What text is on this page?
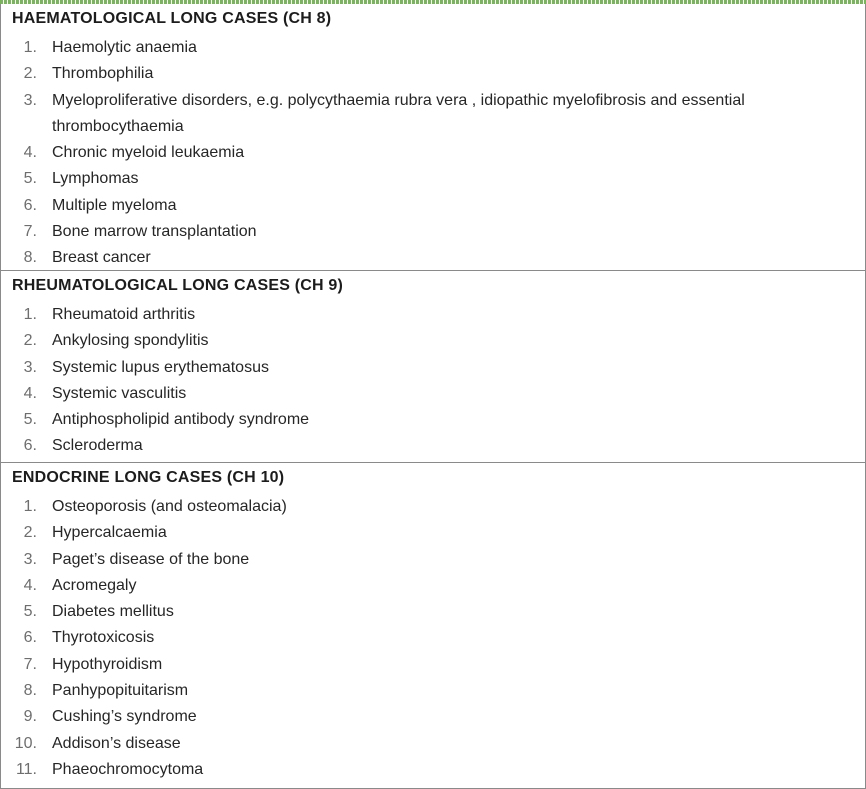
HAEMATOLOGICAL LONG CASES (CH 8)
1. Haemolytic anaemia
2. Thrombophilia
3. Myeloproliferative disorders, e.g. polycythaemia rubra vera , idiopathic myelofibrosis and essential thrombocythaemia
4. Chronic myeloid leukaemia
5. Lymphomas
6. Multiple myeloma
7. Bone marrow transplantation
8. Breast cancer
RHEUMATOLOGICAL LONG CASES (CH 9)
1. Rheumatoid arthritis
2. Ankylosing spondylitis
3. Systemic lupus erythematosus
4. Systemic vasculitis
5. Antiphospholipid antibody syndrome
6. Scleroderma
ENDOCRINE LONG CASES (CH 10)
1. Osteoporosis (and osteomalacia)
2. Hypercalcaemia
3. Paget’s disease of the bone
4. Acromegaly
5. Diabetes mellitus
6. Thyrotoxicosis
7. Hypothyroidism
8. Panhypopituitarism
9. Cushing’s syndrome
10. Addison’s disease
11. Phaeochromocytoma
